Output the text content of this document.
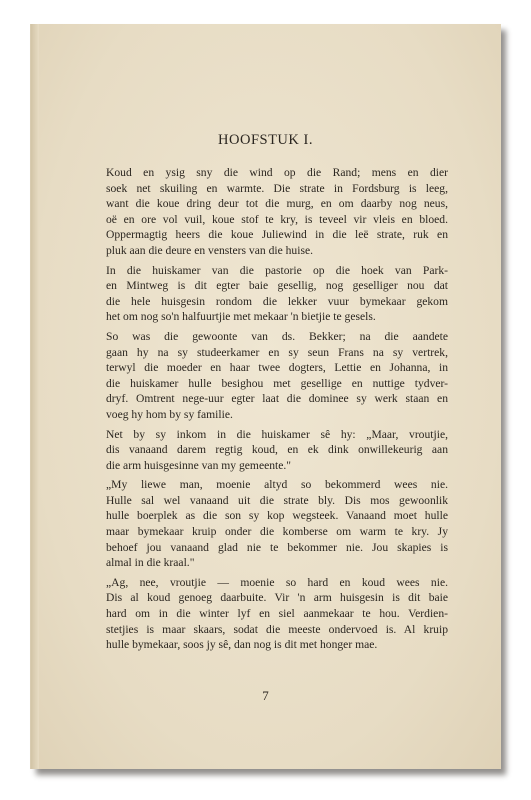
HOOFSTUK I.
Koud en ysig sny die wind op die Rand; mens en dier
soek net skuiling en warmte. Die strate in Fordsburg is leeg,
want die koue dring deur tot die murg, en om daarby nog neus,
oë en ore vol vuil, koue stof te kry, is teveel vir vleis en bloed.
Oppermagtig heers die koue Juliewind in die leë strate, ruk en
pluk aan die deure en vensters van die huise.
In die huiskamer van die pastorie op die hoek van Park-
en Mintweg is dit egter baie gesellig, nog geselliger nou dat
die hele huisgesin rondom die lekker vuur bymekaar gekom
het om nog so'n halfuurtjie met mekaar 'n bietjie te gesels.
So was die gewoonte van ds. Bekker; na die aandete
gaan hy na sy studeerkamer en sy seun Frans na sy vertrek,
terwyl die moeder en haar twee dogters, Lettie en Johanna, in
die huiskamer hulle besighou met gesellige en nuttige tydver-
dryf. Omtrent nege-uur egter laat die dominee sy werk staan en
voeg hy hom by sy familie.
Net by sy inkom in die huiskamer sê hy: „Maar, vroutjie,
dis vanaand darem regtig koud, en ek dink onwillekeurig aan
die arm huisgesinne van my gemeente."
„My liewe man, moenie altyd so bekommerd wees nie.
Hulle sal wel vanaand uit die strate bly. Dis mos gewoonlik
hulle boerplek as die son sy kop wegsteek. Vanaand moet hulle
maar bymekaar kruip onder die komberse om warm te kry. Jy
behoef jou vanaand glad nie te bekommer nie. Jou skapies is
almal in die kraal."
„Ag, nee, vroutjie — moenie so hard en koud wees nie.
Dis al koud genoeg daarbuite. Vir 'n arm huisgesin is dit baie
hard om in die winter lyf en siel aanmekaar te hou. Verdien-
stetjies is maar skaars, sodat die meeste ondervoed is. Al kruip
hulle bymekaar, soos jy sê, dan nog is dit met honger mae.
7
